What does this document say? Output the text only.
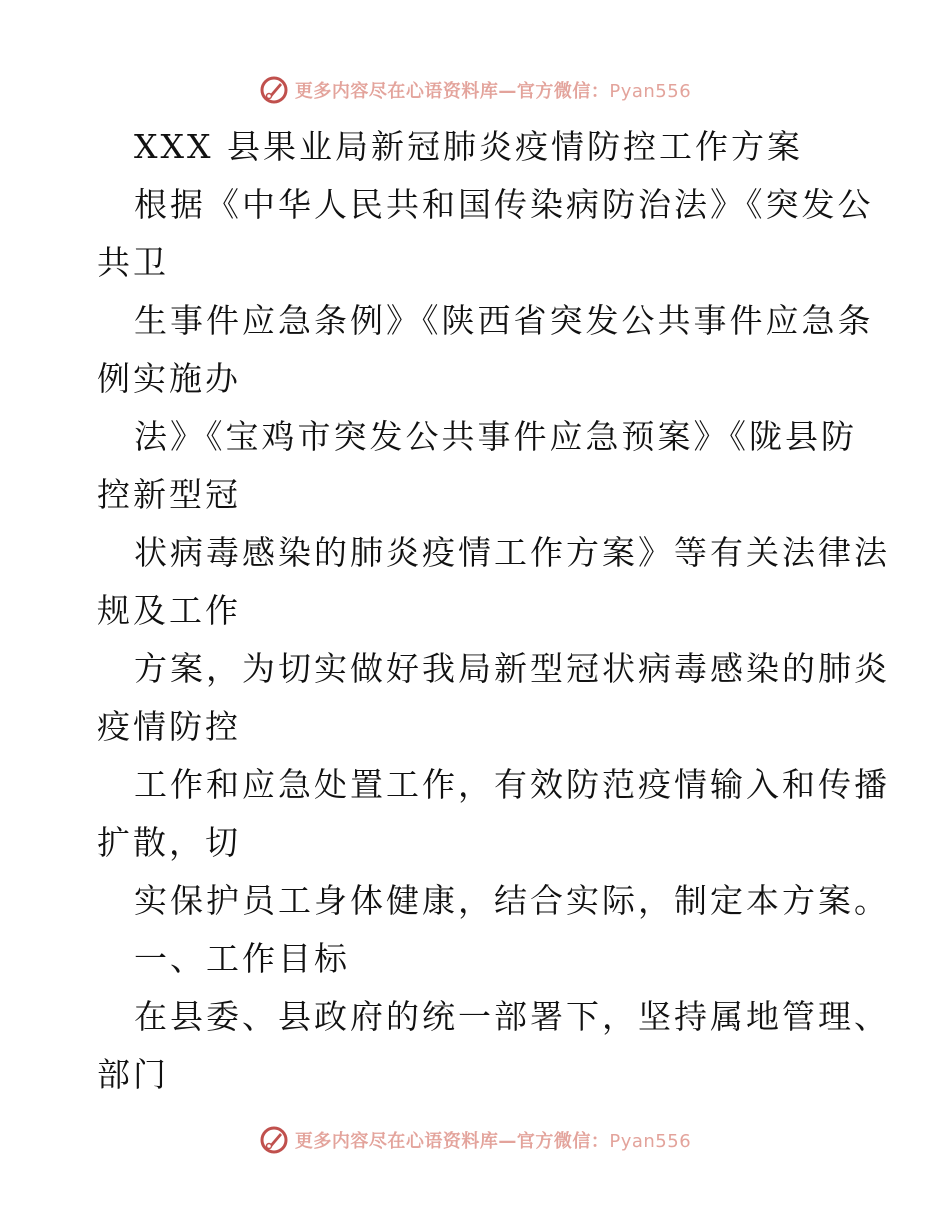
更多内容尽在心语资料库—官方微信：Pyan556
XXX 县果业局新冠肺炎疫情防控工作方案
根据《中华人民共和国传染病防治法》《突发公
共卫
生事件应急条例》《陕西省突发公共事件应急条
例实施办
法》《宝鸡市突发公共事件应急预案》《陇县防
控新型冠
状病毒感染的肺炎疫情工作方案》等有关法律法
规及工作
方案，为切实做好我局新型冠状病毒感染的肺炎
疫情防控
工作和应急处置工作，有效防范疫情输入和传播
扩散，切
实保护员工身体健康，结合实际，制定本方案。
一、工作目标
在县委、县政府的统一部署下，坚持属地管理、
部门
更多内容尽在心语资料库—官方微信：Pyan556
